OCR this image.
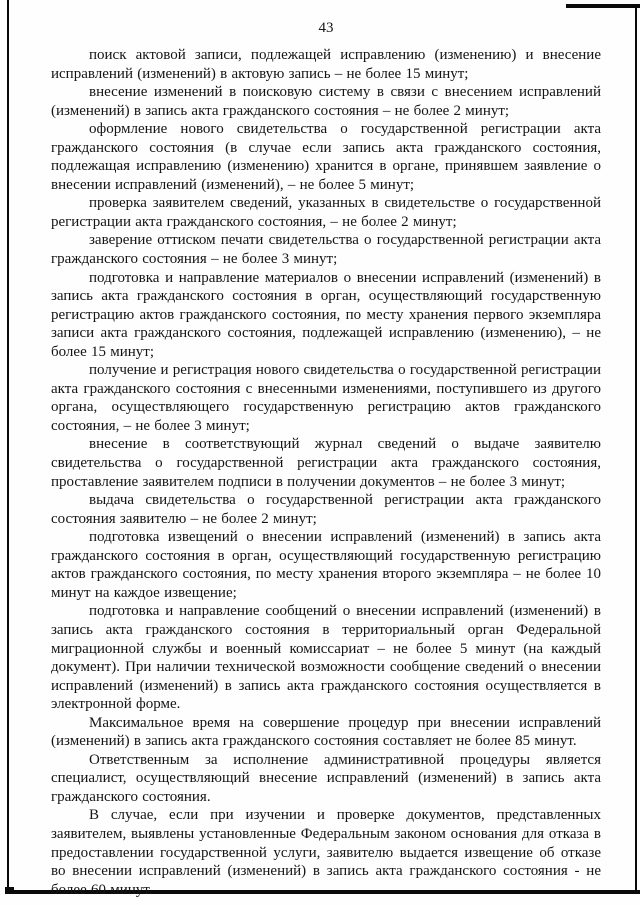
43

поиск актовой записи, подлежащей исправлению (изменению) и внесение исправлений (изменений) в актовую запись – не более 15 минут;

внесение изменений в поисковую систему в связи с внесением исправлений (изменений) в запись акта гражданского состояния – не более 2 минут;

оформление нового свидетельства о государственной регистрации акта гражданского состояния (в случае если запись акта гражданского состояния, подлежащая исправлению (изменению) хранится в органе, принявшем заявление о внесении исправлений (изменений), – не более 5 минут;

проверка заявителем сведений, указанных в свидетельстве о государственной регистрации акта гражданского состояния, – не более 2 минут;

заверение оттиском печати свидетельства о государственной регистрации акта гражданского состояния – не более 3 минут;

подготовка и направление материалов о внесении исправлений (изменений) в запись акта гражданского состояния в орган, осуществляющий государственную регистрацию актов гражданского состояния, по месту хранения первого экземпляра записи акта гражданского состояния, подлежащей исправлению (изменению), – не более 15 минут;

получение и регистрация нового свидетельства о государственной регистрации акта гражданского состояния с внесенными изменениями, поступившего из другого органа, осуществляющего государственную регистрацию актов гражданского состояния, – не более 3 минут;

внесение в соответствующий журнал сведений о выдаче заявителю свидетельства о государственной регистрации акта гражданского состояния, проставление заявителем подписи в получении документов – не более 3 минут;

выдача свидетельства о государственной регистрации акта гражданского состояния заявителю – не более 2 минут;

подготовка извещений о внесении исправлений (изменений) в запись акта гражданского состояния в орган, осуществляющий государственную регистрацию актов гражданского состояния, по месту хранения второго экземпляра – не более 10 минут на каждое извещение;

подготовка и направление сообщений о внесении исправлений (изменений) в запись акта гражданского состояния в территориальный орган Федеральной миграционной службы и военный комиссариат – не более 5 минут (на каждый документ). При наличии технической возможности сообщение сведений о внесении исправлений (изменений) в запись акта гражданского состояния осуществляется в электронной форме.

Максимальное время на совершение процедур при внесении исправлений (изменений) в запись акта гражданского состояния составляет не более 85 минут.

Ответственным за исполнение административной процедуры является специалист, осуществляющий внесение исправлений (изменений) в запись акта гражданского состояния.

В случае, если при изучении и проверке документов, представленных заявителем, выявлены установленные Федеральным законом основания для отказа в предоставлении государственной услуги, заявителю выдается извещение об отказе во внесении исправлений (изменений) в запись акта гражданского состояния - не более 60 минут.
